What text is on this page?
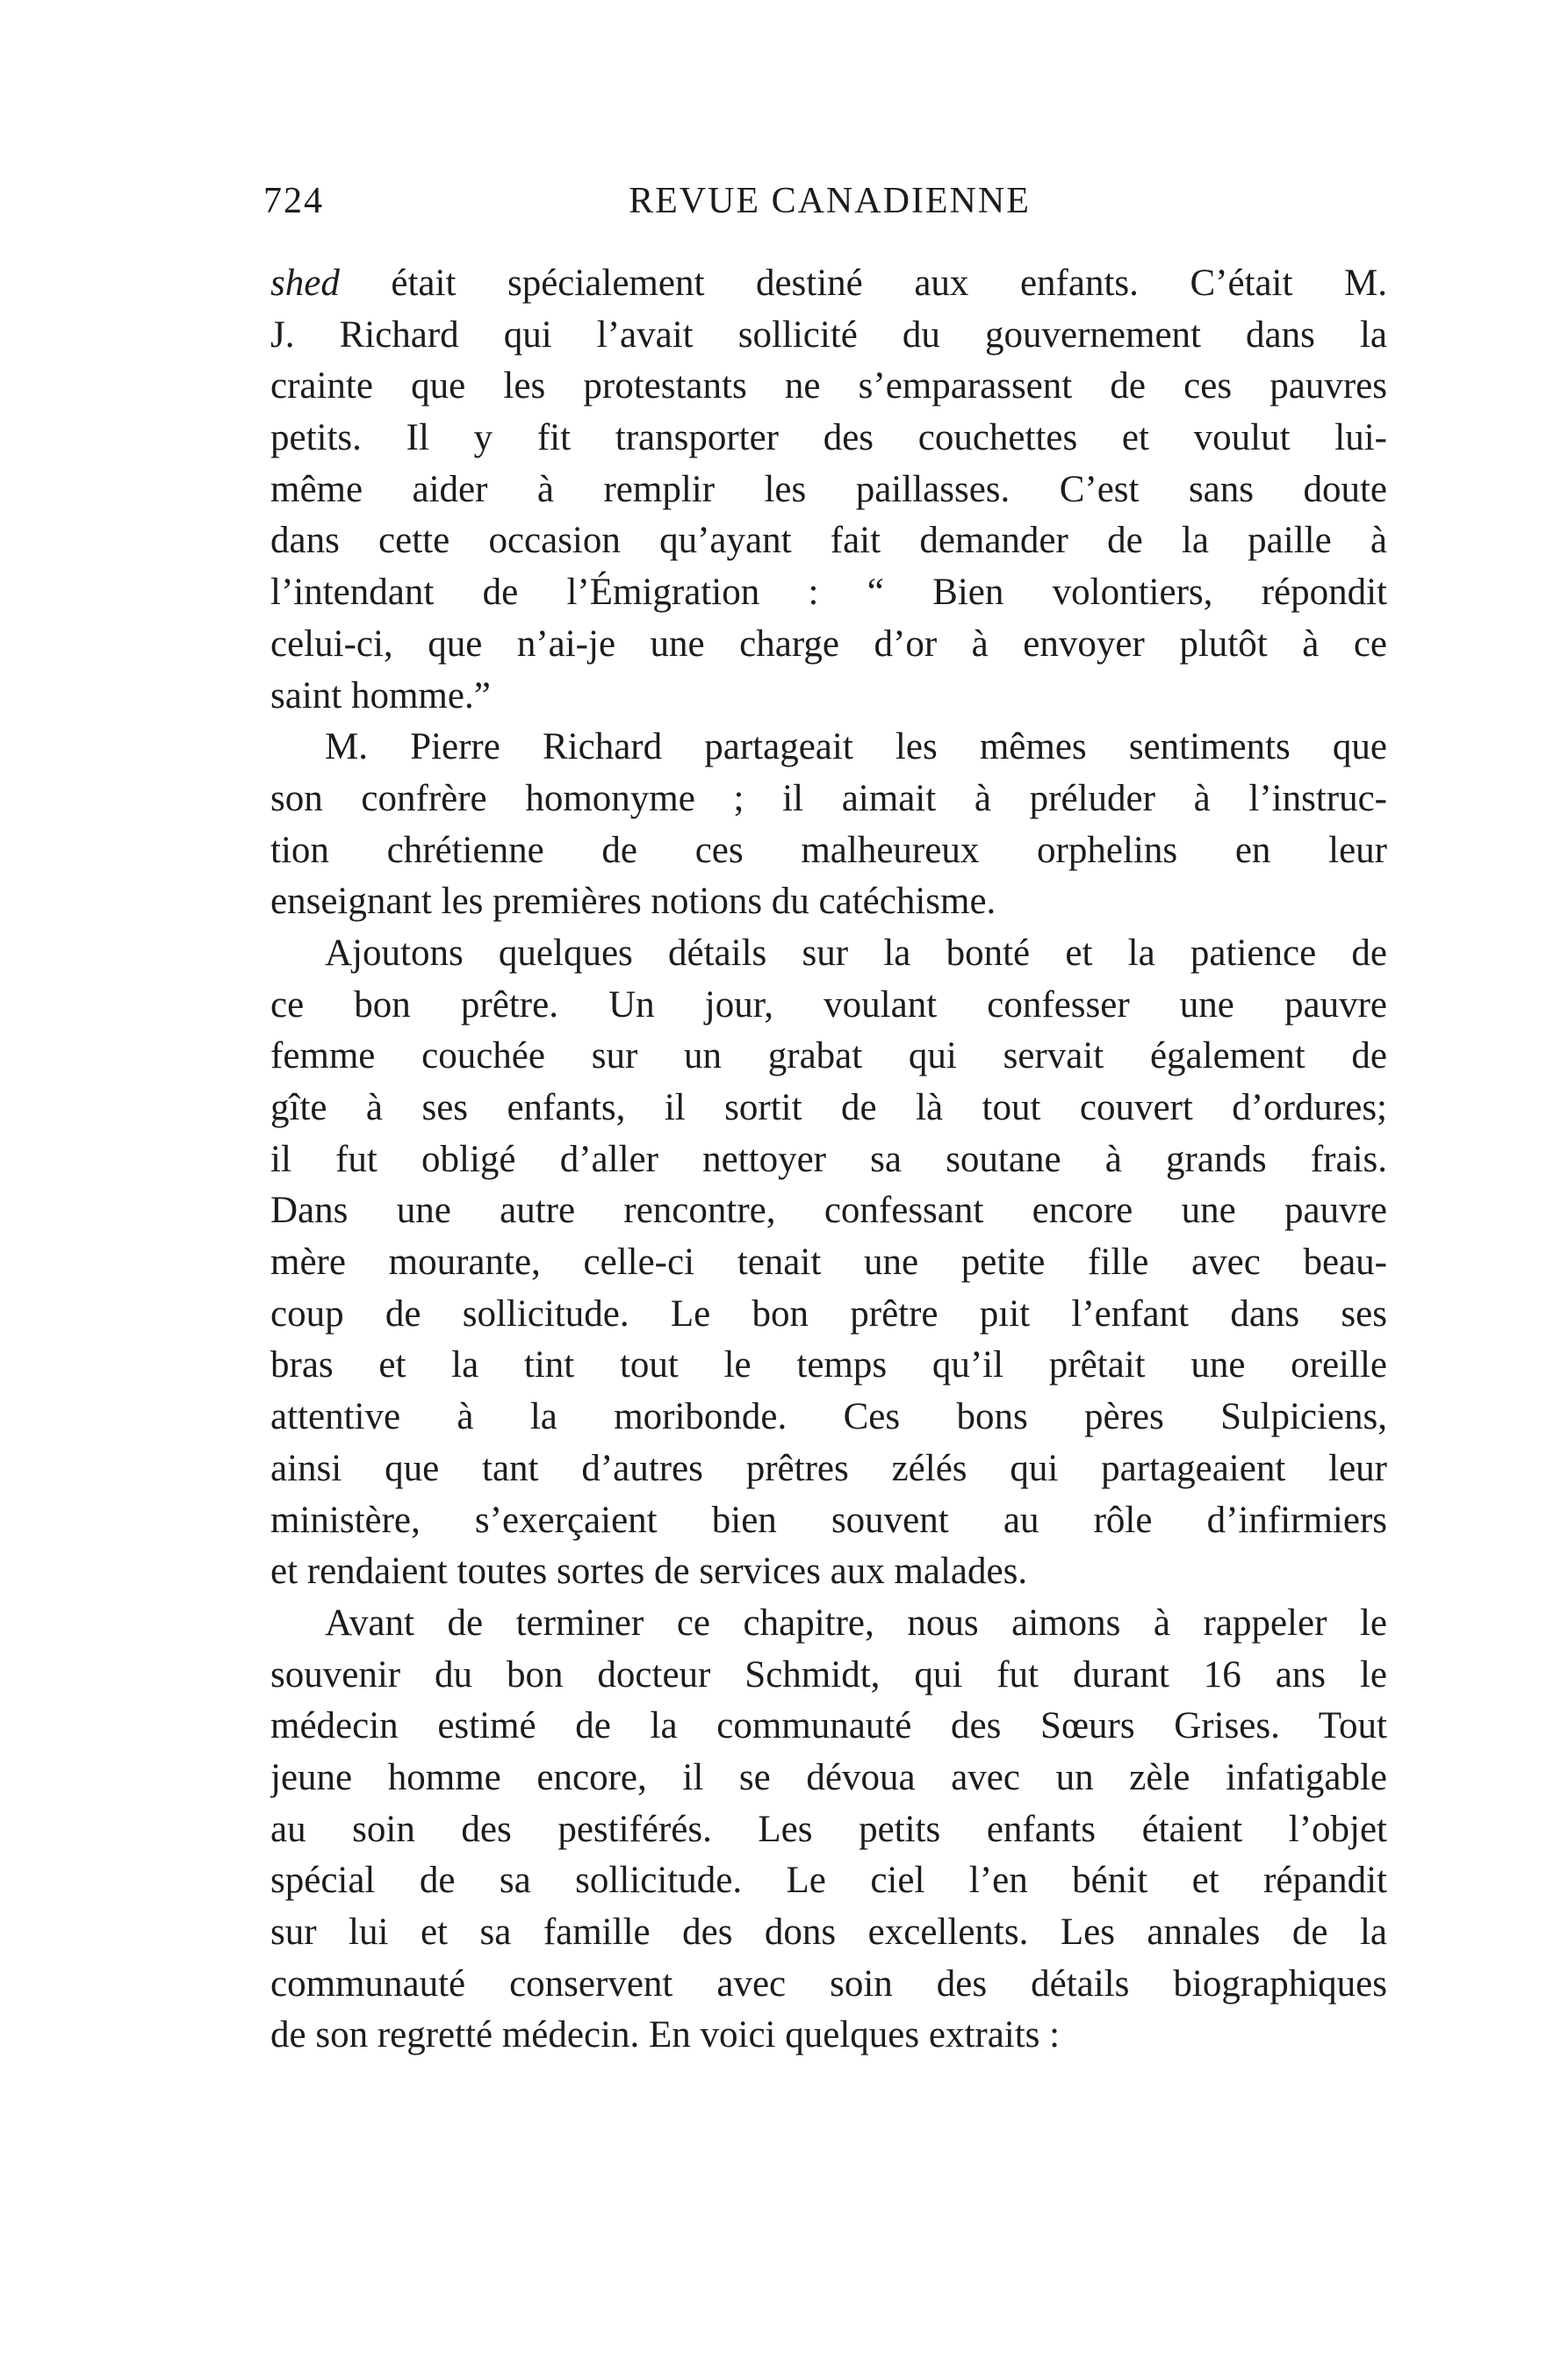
724	REVUE CANADIENNE
shed était spécialement destiné aux enfants. C’était M.
J. Richard qui l’avait sollicité du gouvernement dans la
crainte que les protestants ne s’emparassent de ces pauvres
petits. Il y fit transporter des couchettes et voulut lui-
même aider à remplir les paillasses. C’est sans doute
dans cette occasion qu’ayant fait demander de la paille à
l’intendant de l’Émigration : “ Bien volontiers, répondit
celui-ci, que n’ai-je une charge d’or à envoyer plutôt à ce
saint homme.”
M. Pierre Richard partageait les mêmes sentiments que
son confrère homonyme ; il aimait à préluder à l’instruc-
tion chrétienne de ces malheureux orphelins en leur
enseignant les premières notions du catéchisme.
Ajoutons quelques détails sur la bonté et la patience de
ce bon prêtre. Un jour, voulant confesser une pauvre
femme couchée sur un grabat qui servait également de
gîte à ses enfants, il sortit de là tout couvert d’ordures;
il fut obligé d’aller nettoyer sa soutane à grands frais.
Dans une autre rencontre, confessant encore une pauvre
mère mourante, celle-ci tenait une petite fille avec beau-
coup de sollicitude. Le bon prêtre pıit l’enfant dans ses
bras et la tint tout le temps qu’il prêtait une oreille
attentive à la moribonde. Ces bons pères Sulpiciens,
ainsi que tant d’autres prêtres zélés qui partageaient leur
ministère, s’exerçaient bien souvent au rôle d’infirmiers
et rendaient toutes sortes de services aux malades.
Avant de terminer ce chapitre, nous aimons à rappeler le
souvenir du bon docteur Schmidt, qui fut durant 16 ans le
médecin estimé de la communauté des Sœurs Grises. Tout
jeune homme encore, il se dévoua avec un zèle infatigable
au soin des pestiférés. Les petits enfants étaient l’objet
spécial de sa sollicitude. Le ciel l’en bénit et répandit
sur lui et sa famille des dons excellents. Les annales de la
communauté conservent avec soin des détails biographiques
de son regretté médecin. En voici quelques extraits :
